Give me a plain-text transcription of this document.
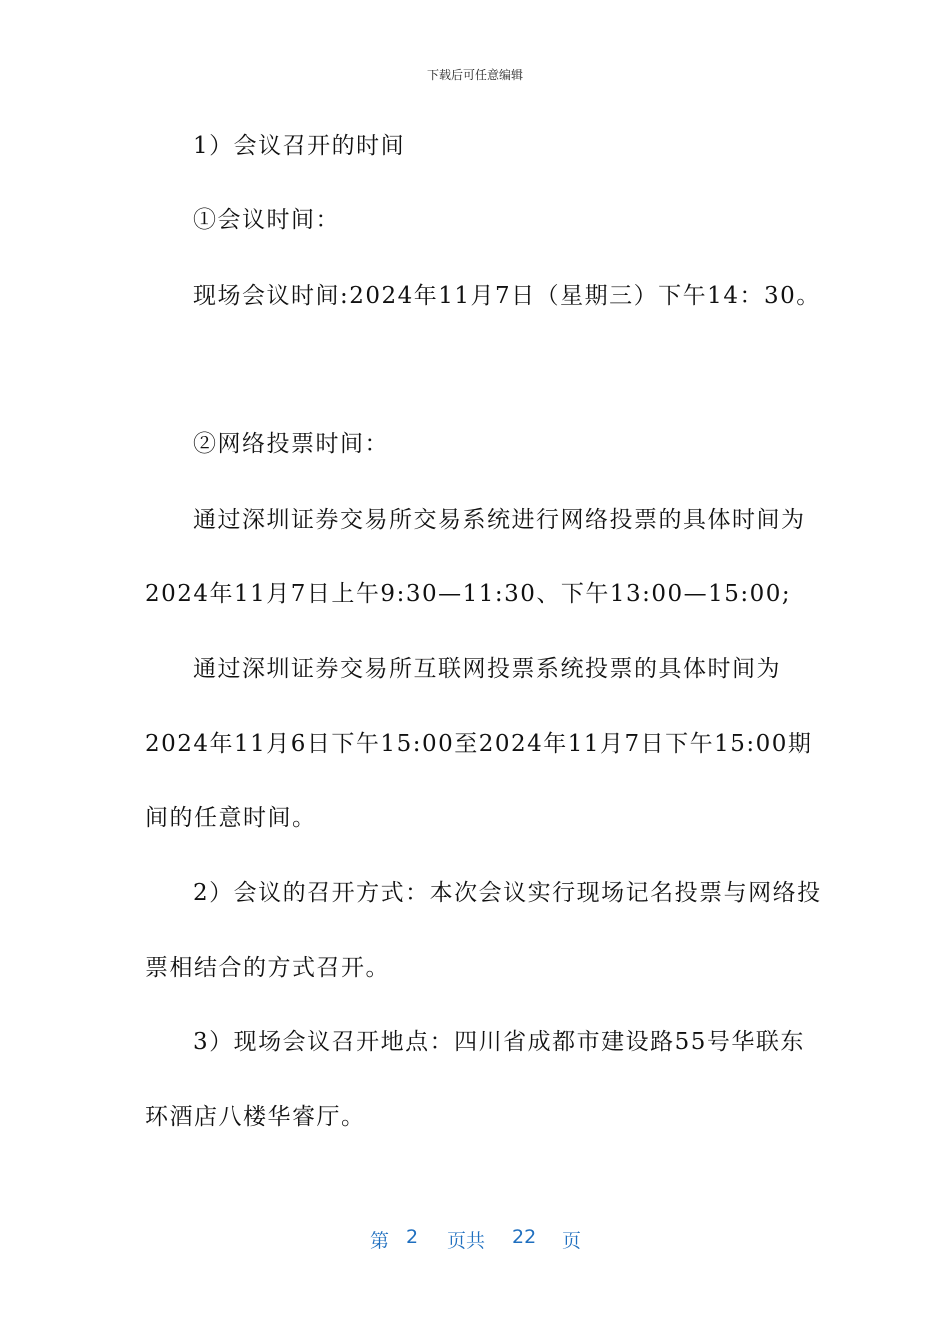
下载后可任意编辑
1）会议召开的时间
①会议时间：
现场会议时间:2024年11月7日（星期三）下午14：30。
②网络投票时间：
通过深圳证券交易所交易系统进行网络投票的具体时间为
2024年11月7日上午9:30—11:30、下午13:00—15:00;
通过深圳证券交易所互联网投票系统投票的具体时间为
2024年11月6日下午15:00至2024年11月7日下午15:00期
间的任意时间。
2）会议的召开方式：本次会议实行现场记名投票与网络投
票相结合的方式召开。
3）现场会议召开地点：四川省成都市建设路55号华联东
环酒店八楼华睿厅。
第 2 页共 22 页
